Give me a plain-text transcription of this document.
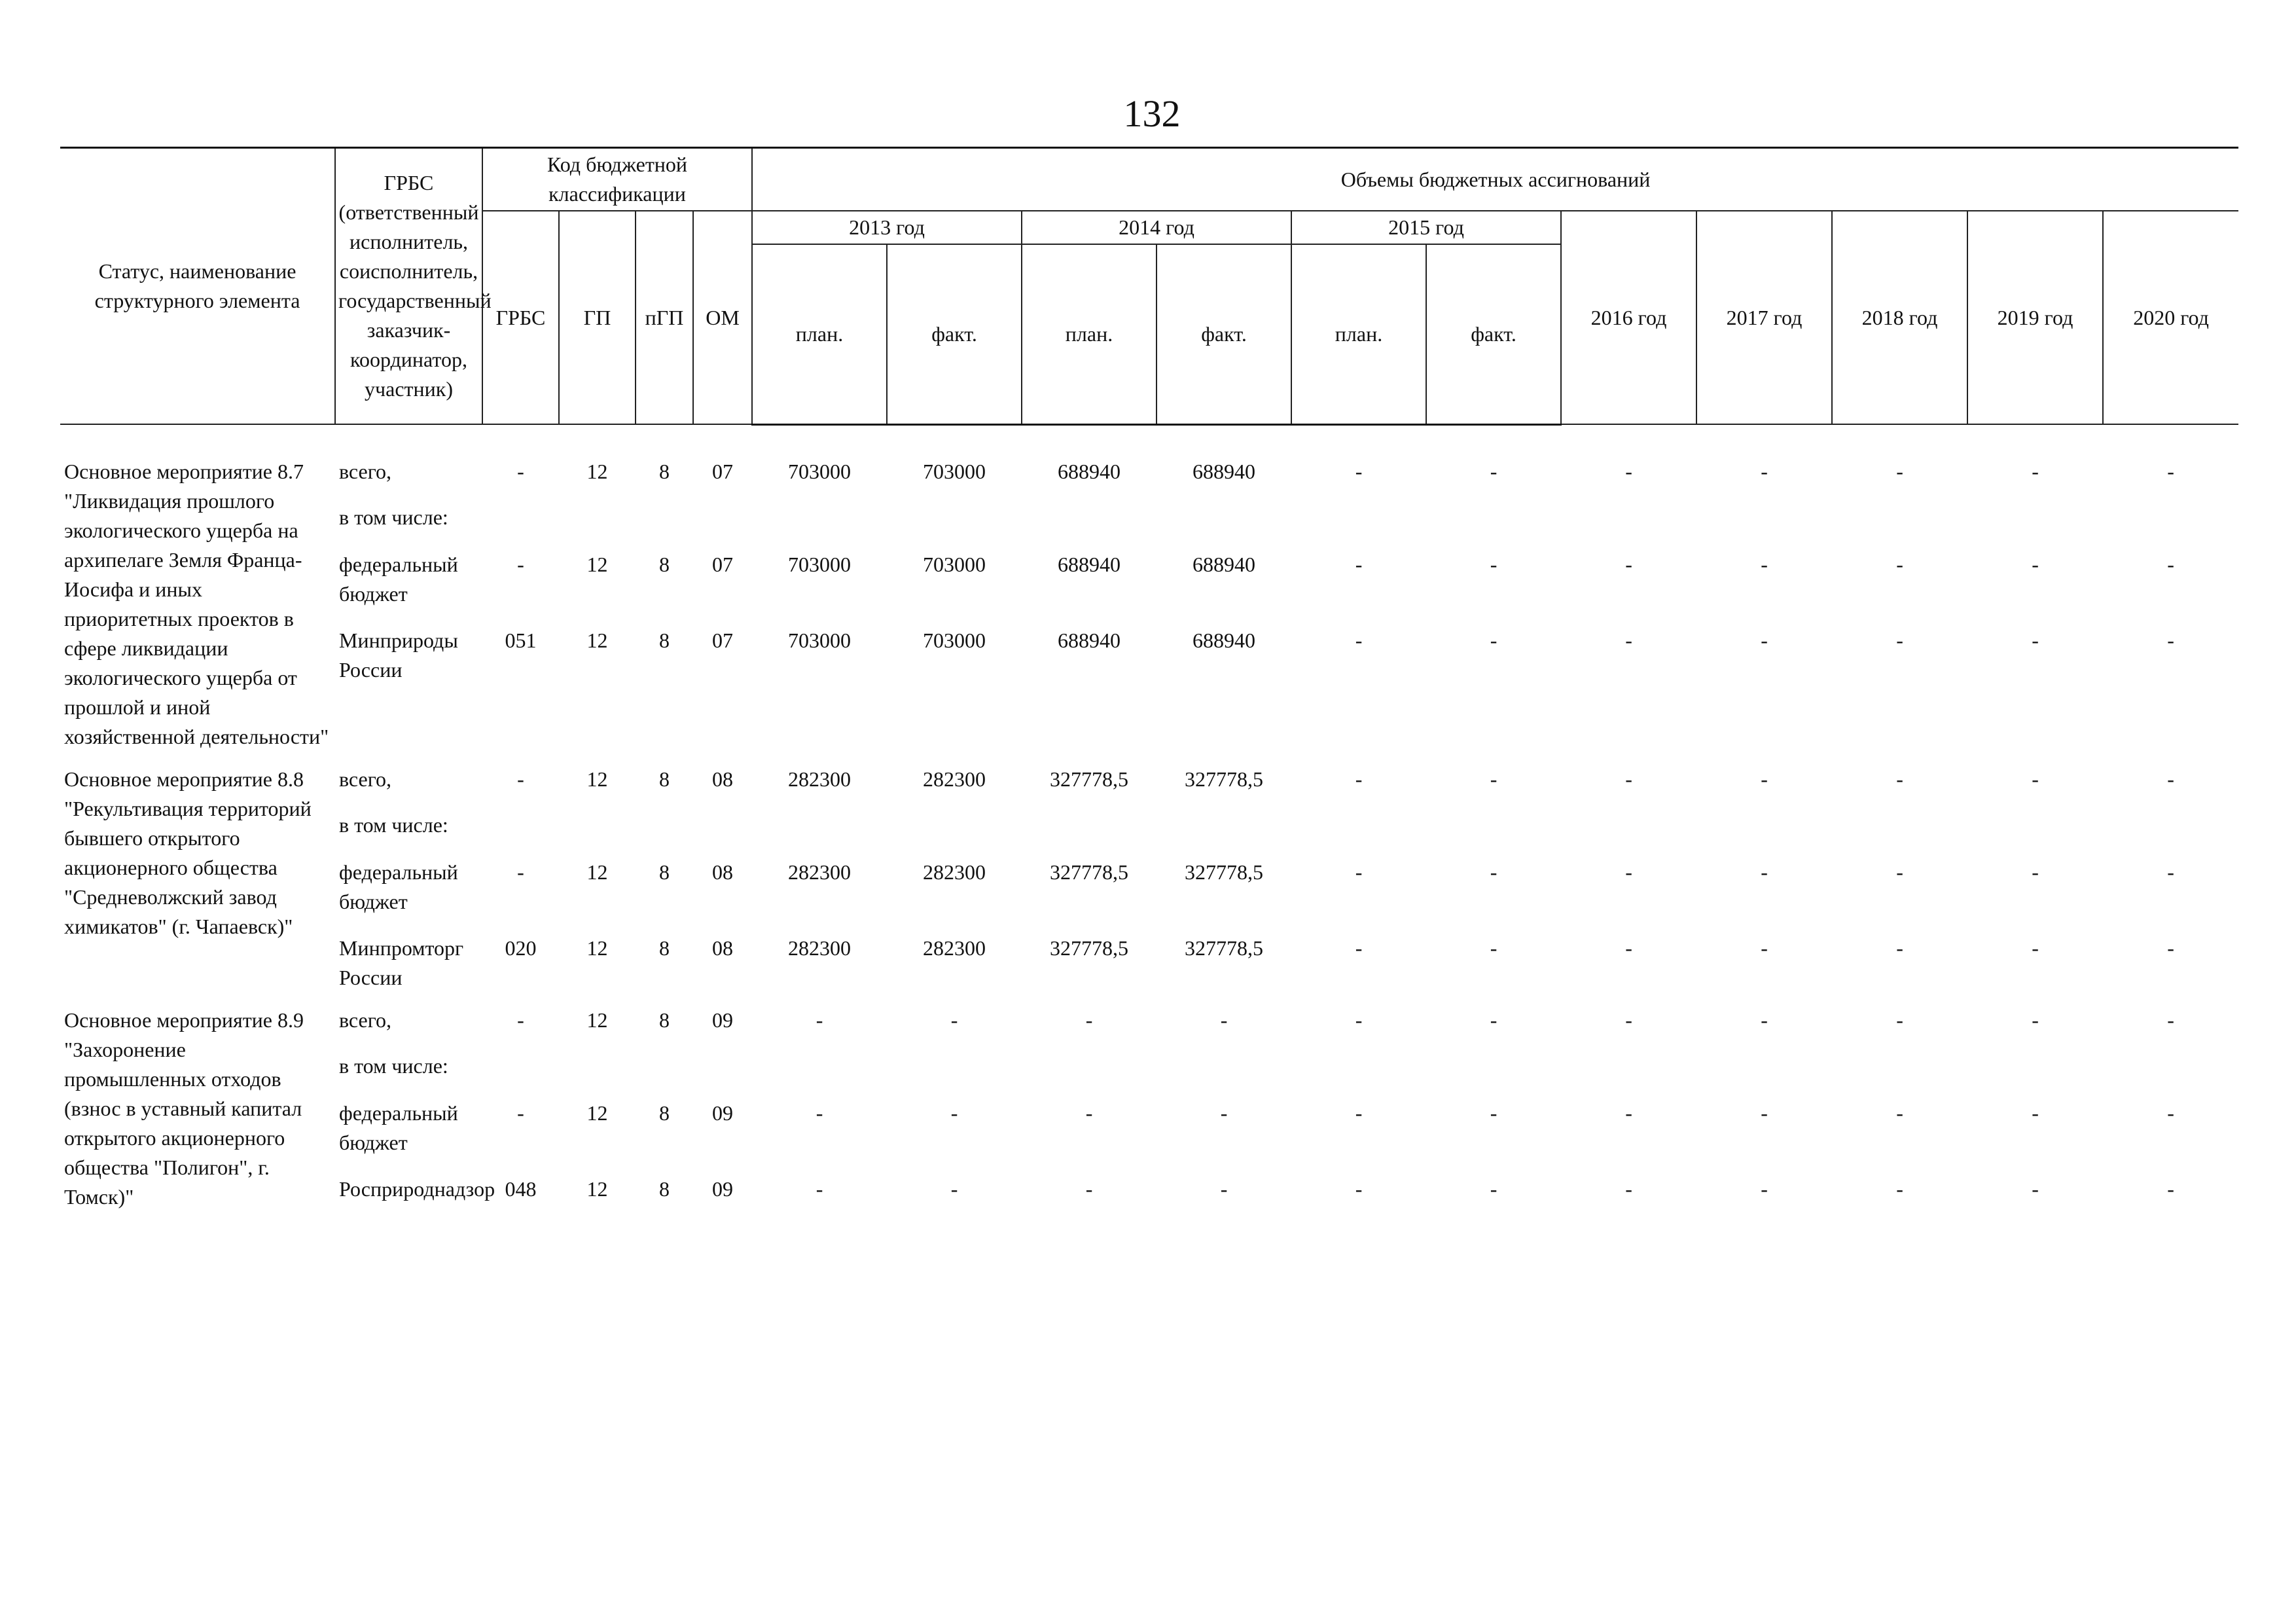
132
Статус, наименование структурного элемента	ГРБС (ответственный исполнитель, соисполнитель, государственный заказчик-координатор, участник)	Код бюджетной классификации				Объемы бюджетных ассигнований										
		ГРБС	ГП	пГП	ОМ	2013 год		2014 год		2015 год		2016 год	2017 год	2018 год	2019 год	2020 год
						план.	факт.	план.	факт.	план.	факт.					

Основное мероприятие 8.7 "Ликвидация прошлого экологического ущерба на архипелаге Земля Франца-Иосифа и иных приоритетных проектов в сфере ликвидации экологического ущерба от прошлой и иной хозяйственной деятельности"	всего,	-	12	8	07	703000	703000	688940	688940	-	-	-	-	-	-	-
	в том числе:															
	федеральный бюджет	-	12	8	07	703000	703000	688940	688940	-	-	-	-	-	-	-
	Минприроды России	051	12	8	07	703000	703000	688940	688940	-	-	-	-	-	-	-
Основное мероприятие 8.8 "Рекультивация территорий бывшего открытого акционерного общества "Средневолжский завод химикатов" (г. Чапаевск)"	всего,	-	12	8	08	282300	282300	327778,5	327778,5	-	-	-	-	-	-	-
	в том числе:															
	федеральный бюджет	-	12	8	08	282300	282300	327778,5	327778,5	-	-	-	-	-	-	-
	Минпромторг России	020	12	8	08	282300	282300	327778,5	327778,5	-	-	-	-	-	-	-
Основное мероприятие 8.9 "Захоронение промышленных отходов (взнос в уставный капитал открытого акционерного общества "Полигон", г. Томск)"	всего,	-	12	8	09	-	-	-	-	-	-	-	-	-	-	-
	в том числе:															
	федеральный бюджет	-	12	8	09	-	-	-	-	-	-	-	-	-	-	-
	Росприроднадзор	048	12	8	09	-	-	-	-	-	-	-	-	-	-	-
